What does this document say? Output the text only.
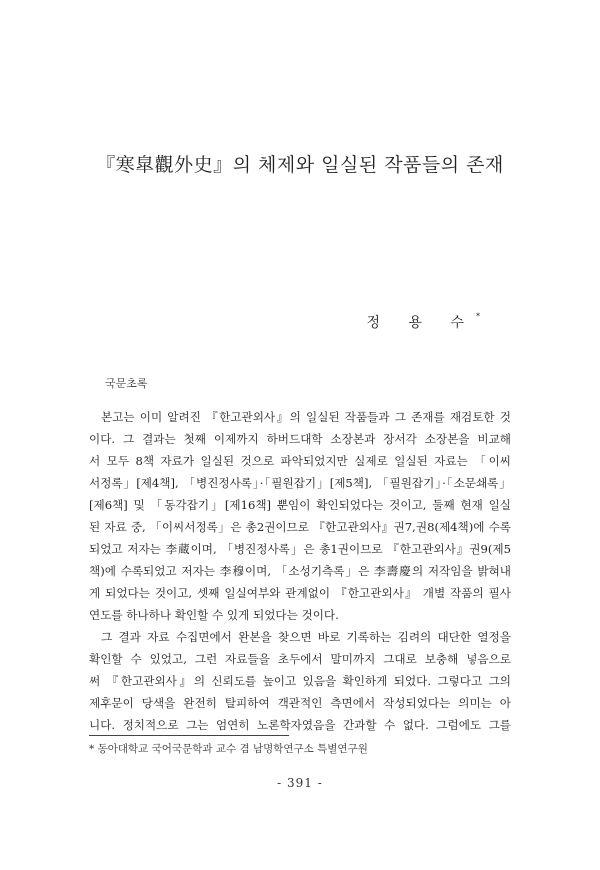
『寒皐觀外史』의 체제와 일실된 작품들의 존재
정 용 수*
국문초록
본고는 이미 알려진 『한고관외사』의 일실된 작품들과 그 존재를 재검토한 것
이다. 그 결과는 첫째 이제까지 하버드대학 소장본과 장서각 소장본을 비교해
서 모두 8책 자료가 일실된 것으로 파악되었지만 실제로 일실된 자료는 「이씨
서정록」[제4책], 「병진정사록」·「필원잡기」[제5책], 「필원잡기」·「소문쇄록」
[제6책] 및 「동각잡기」[제16책] 뿐임이 확인되었다는 것이고, 둘째 현재 일실
된 자료 중, 「이씨서정록」은 총2권이므로 『한고관외사』권7,권8(제4책)에 수록
되었고 저자는 李蔵이며, 「병진정사록」은 총1권이므로 『한고관외사』권9(제5
책)에 수록되었고 저자는 李穆이며, 「소성기측록」은 李壽慶의 저작임을 밝혀내
게 되었다는 것이고, 셋째 일실여부와 관계없이 『한고관외사』 개별 작품의 필사
연도를 하나하나 확인할 수 있게 되었다는 것이다.
그 결과 자료 수집면에서 완본을 찾으면 바로 기록하는 김려의 대단한 열정을
확인할 수 있었고, 그런 자료들을 초두에서 말미까지 그대로 보충해 넣음으로
써 『한고관외사』의 신뢰도를 높이고 있음을 확인하게 되었다. 그렇다고 그의
제후문이 당색을 완전히 탈피하여 객관적인 측면에서 작성되었다는 의미는 아
니다. 정치적으로 그는 엄연히 노론학자였음을 간과할 수 없다. 그럼에도 그를
* 동아대학교 국어국문학과 교수 겸 남명학연구소 특별연구원
- 391 -
